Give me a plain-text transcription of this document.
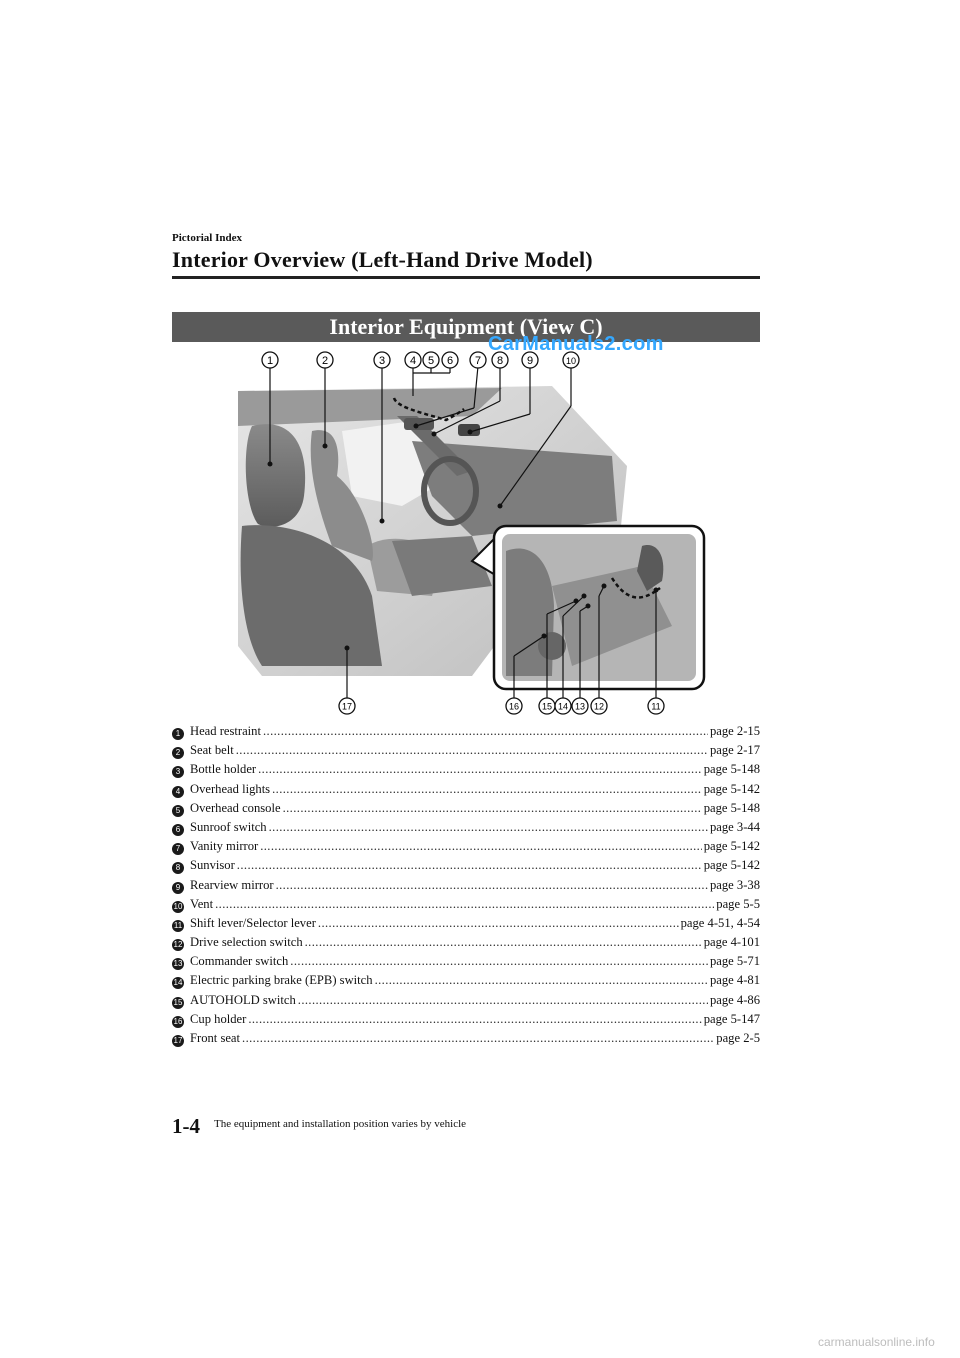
Pictorial Index
Interior Overview (Left-Hand Drive Model)
Interior Equipment (View C)
1	2	3 4 5 6 7 8 9	10
17	16	15 14 13 12	11
CarManuals2.com
1 Head restraint .....	page 2-15
2 Seat belt .....	page 2-17
3 Bottle holder .....	page 5-148
4 Overhead lights .....	page 5-142
5 Overhead console .....	page 5-148
6 Sunroof switch .....	page 3-44
7 Vanity mirror .....	page 5-142
8 Sunvisor .....	page 5-142
9 Rearview mirror .....	page 3-38
10 Vent .....	page 5-5
11 Shift lever/Selector lever .....	page 4-51, 4-54
12 Drive selection switch .....	page 4-101
13 Commander switch .....	page 5-71
14 Electric parking brake (EPB) switch .....	page 4-81
15 AUTOHOLD switch .....	page 4-86
16 Cup holder .....	page 5-147
17 Front seat .....	page 2-5
1-4 The equipment and installation position varies by vehicle
carmanualsonline.info
